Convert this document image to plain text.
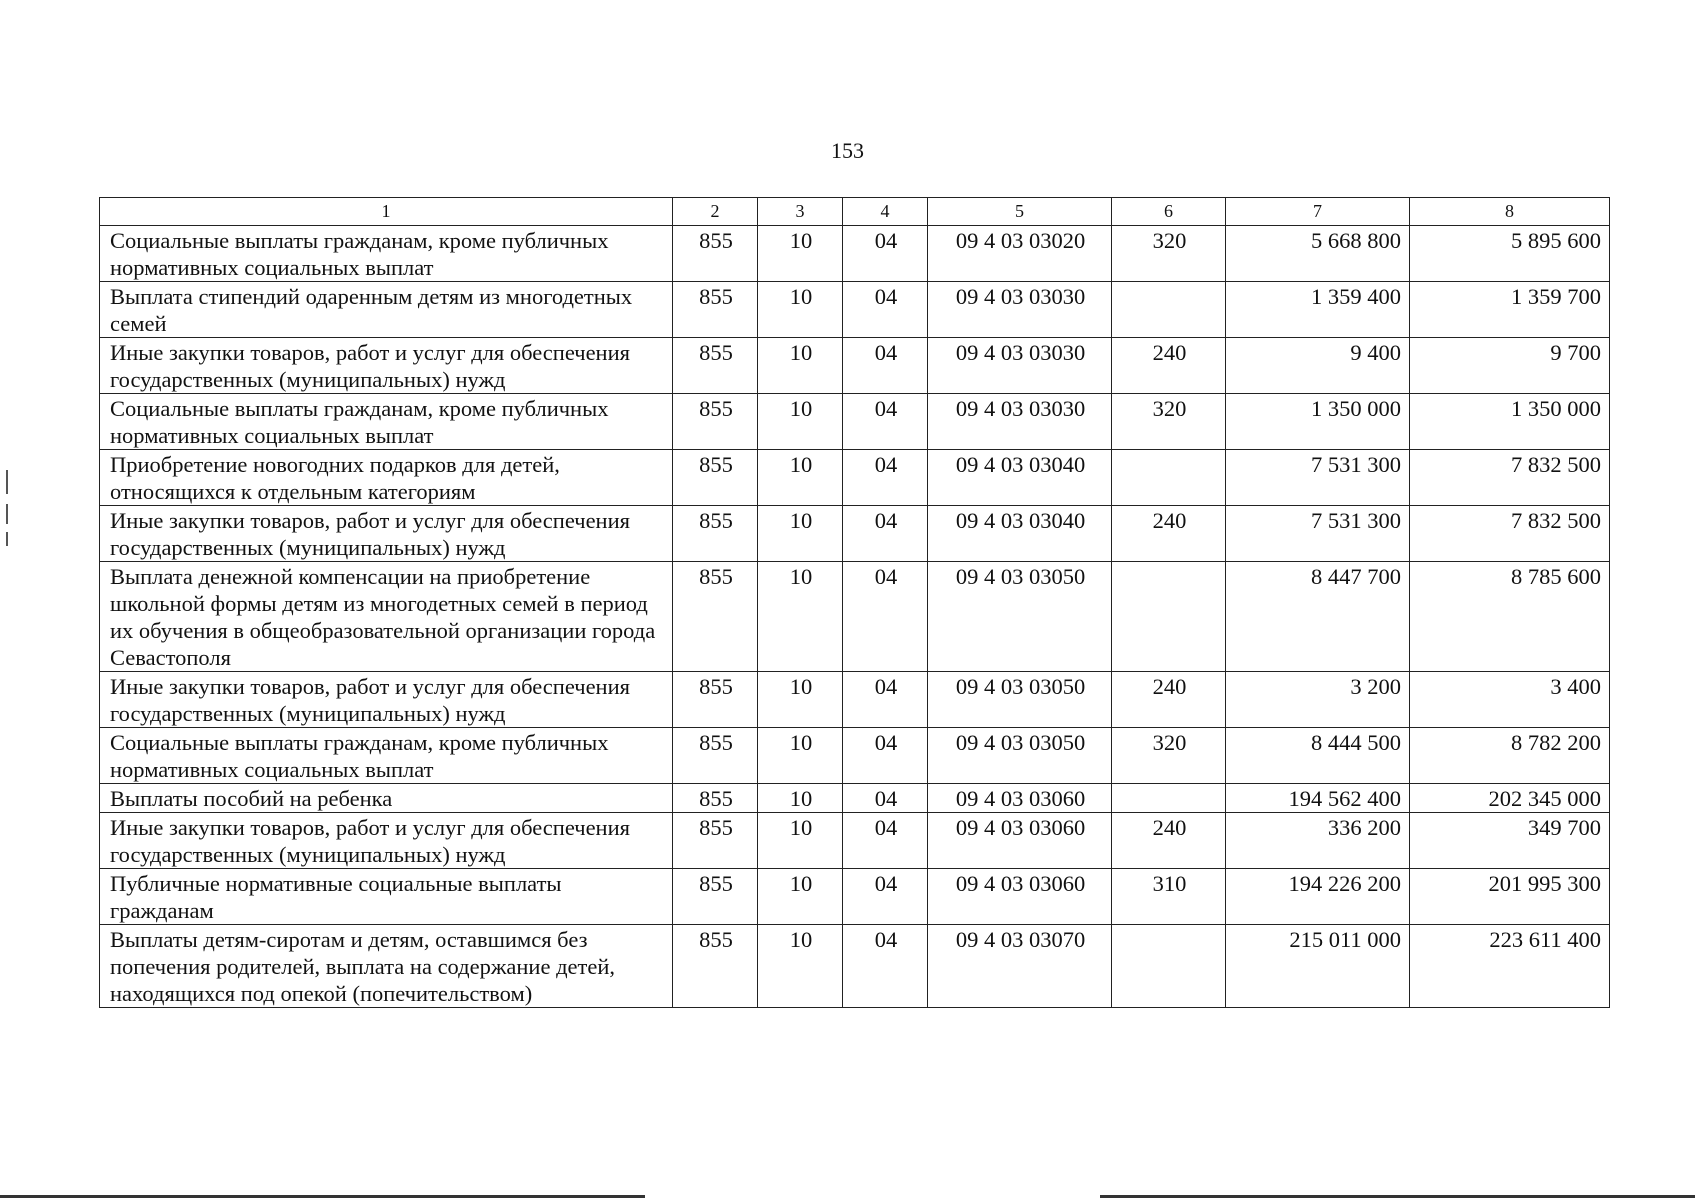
153
1	2	3	4	5	6	7	8
Социальные выплаты гражданам, кроме публичных нормативных социальных выплат	855	10	04	09 4 03 03020	320	5 668 800	5 895 600
Выплата стипендий одаренным детям из многодетных семей	855	10	04	09 4 03 03030		1 359 400	1 359 700
Иные закупки товаров, работ и услуг для обеспечения государственных (муниципальных) нужд	855	10	04	09 4 03 03030	240	9 400	9 700
Социальные выплаты гражданам, кроме публичных нормативных социальных выплат	855	10	04	09 4 03 03030	320	1 350 000	1 350 000
Приобретение новогодних подарков для детей, относящихся к отдельным категориям	855	10	04	09 4 03 03040		7 531 300	7 832 500
Иные закупки товаров, работ и услуг для обеспечения государственных (муниципальных) нужд	855	10	04	09 4 03 03040	240	7 531 300	7 832 500
Выплата денежной компенсации на приобретение школьной формы детям из многодетных семей в период их обучения в общеобразовательной организации города Севастополя	855	10	04	09 4 03 03050		8 447 700	8 785 600
Иные закупки товаров, работ и услуг для обеспечения государственных (муниципальных) нужд	855	10	04	09 4 03 03050	240	3 200	3 400
Социальные выплаты гражданам, кроме публичных нормативных социальных выплат	855	10	04	09 4 03 03050	320	8 444 500	8 782 200
Выплаты пособий на ребенка	855	10	04	09 4 03 03060		194 562 400	202 345 000
Иные закупки товаров, работ и услуг для обеспечения государственных (муниципальных) нужд	855	10	04	09 4 03 03060	240	336 200	349 700
Публичные нормативные социальные выплаты гражданам	855	10	04	09 4 03 03060	310	194 226 200	201 995 300
Выплаты детям-сиротам и детям, оставшимся без попечения родителей, выплата на содержание детей, находящихся под опекой (попечительством)	855	10	04	09 4 03 03070		215 011 000	223 611 400
